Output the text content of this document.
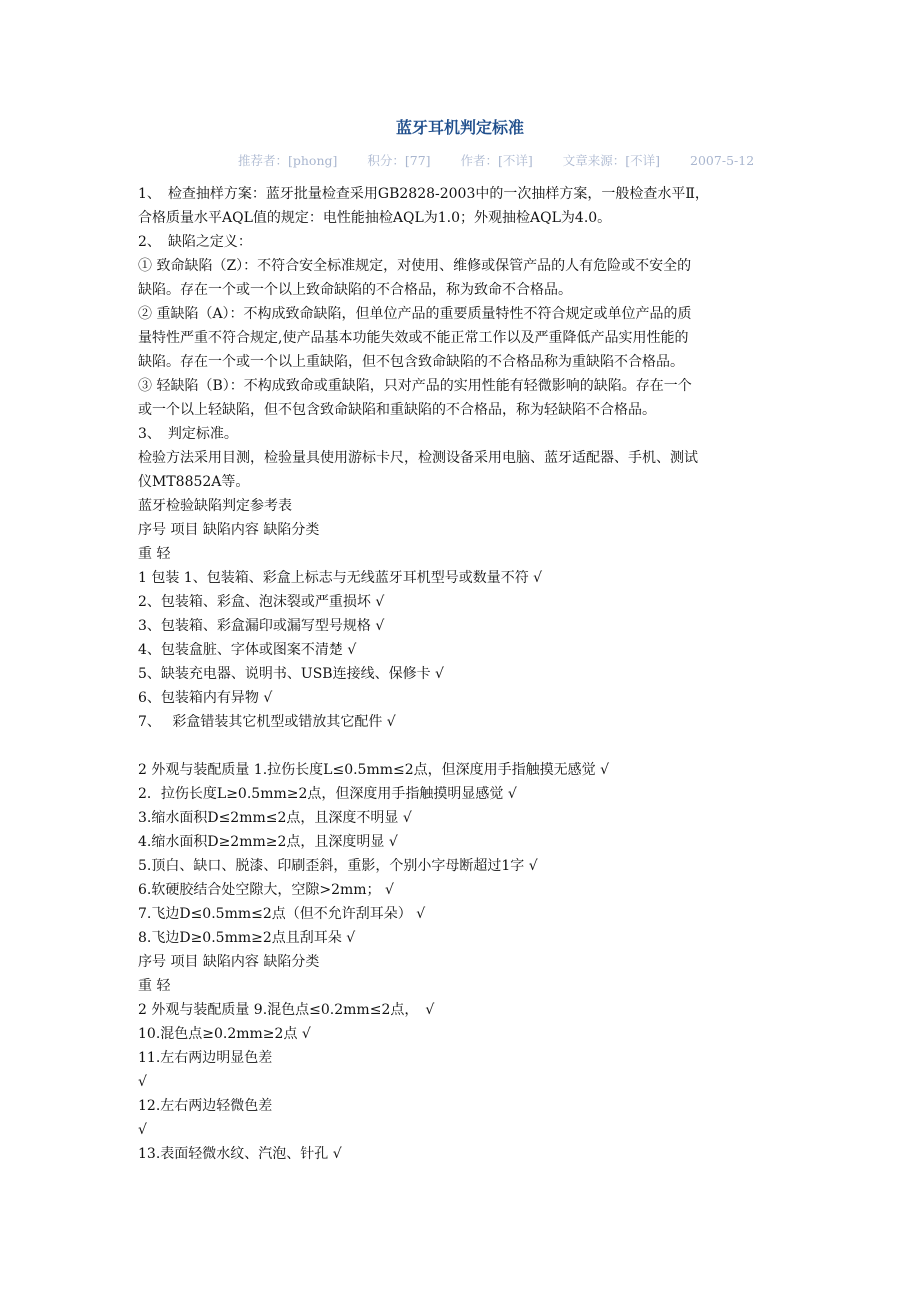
蓝牙耳机判定标准
推荐者：[phong] 积分：[77] 作者：[不详] 文章来源：[不详] 2007-5-12
1、　检查抽样方案：蓝牙批量检查采用GB2828-2003中的一次抽样方案，一般检查水平Ⅱ，
合格质量水平AQL值的规定：电性能抽检AQL为1.0；外观抽检AQL为4.0。
2、　缺陷之定义：
① 致命缺陷（Z）：不符合安全标准规定，对使用、维修或保管产品的人有危险或不安全的
缺陷。存在一个或一个以上致命缺陷的不合格品，称为致命不合格品。
② 重缺陷（A）：不构成致命缺陷，但单位产品的重要质量特性不符合规定或单位产品的质
量特性严重不符合规定,使产品基本功能失效或不能正常工作以及严重降低产品实用性能的
缺陷。存在一个或一个以上重缺陷，但不包含致命缺陷的不合格品称为重缺陷不合格品。
③ 轻缺陷（B）：不构成致命或重缺陷，只对产品的实用性能有轻微影响的缺陷。存在一个
或一个以上轻缺陷，但不包含致命缺陷和重缺陷的不合格品，称为轻缺陷不合格品。
3、　判定标准。
检验方法采用目测，检验量具使用游标卡尺，检测设备采用电脑、蓝牙适配器、手机、测试
仪MT8852A等。
蓝牙检验缺陷判定参考表
序号 项目 缺陷内容 缺陷分类
重 轻
1 包装 1、包装箱、彩盒上标志与无线蓝牙耳机型号或数量不符 √
2、包装箱、彩盒、泡沫裂或严重损坏 √
3、包装箱、彩盒漏印或漏写型号规格 √
4、包装盒脏、字体或图案不清楚 √
5、缺装充电器、说明书、USB连接线、保修卡 √
6、包装箱内有异物 √
7、　 彩盒错装其它机型或错放其它配件 √
2 外观与装配质量 1.拉伤长度L≤0.5mm≤2点，但深度用手指触摸无感觉 √
2．拉伤长度L≥0.5mm≥2点，但深度用手指触摸明显感觉 √
3.缩水面积D≤2mm≤2点，且深度不明显 √
4.缩水面积D≥2mm≥2点，且深度明显 √
5.顶白、缺口、脱漆、印刷歪斜，重影，个别小字母断超过1字 √
6.软硬胶结合处空隙大，空隙>2mm； √
7.飞边D≤0.5mm≤2点（但不允许刮耳朵） √
8.飞边D≥0.5mm≥2点且刮耳朵 √
序号 项目 缺陷内容 缺陷分类
重 轻
2 外观与装配质量 9.混色点≤0.2mm≤2点，　√
10.混色点≥0.2mm≥2点 √
11.左右两边明显色差
√
12.左右两边轻微色差
√
13.表面轻微水纹、汽泡、针孔 √
